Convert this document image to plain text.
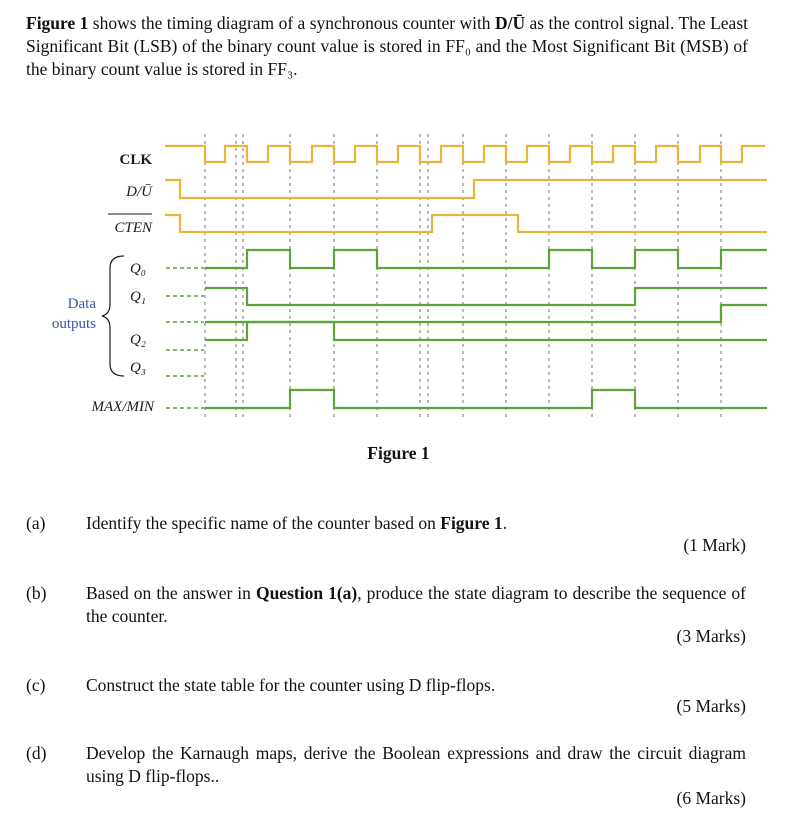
Figure 1 shows the timing diagram of a synchronous counter with D/Ū as the control signal. The Least Significant Bit (LSB) of the binary count value is stored in FF₀ and the Most Significant Bit (MSB) of the binary count value is stored in FF₃.
CLK
D/Ū
CTEN
Q₀
Q₁
Q₂
Q₃
MAX/MIN
Data
outputs
Figure 1
(a) Identify the specific name of the counter based on Figure 1.
(1 Mark)
(b) Based on the answer in Question 1(a), produce the state diagram to describe the sequence of the counter.
(3 Marks)
(c) Construct the state table for the counter using D flip-flops.
(5 Marks)
(d) Develop the Karnaugh maps, derive the Boolean expressions and draw the circuit diagram using D flip-flops..
(6 Marks)
